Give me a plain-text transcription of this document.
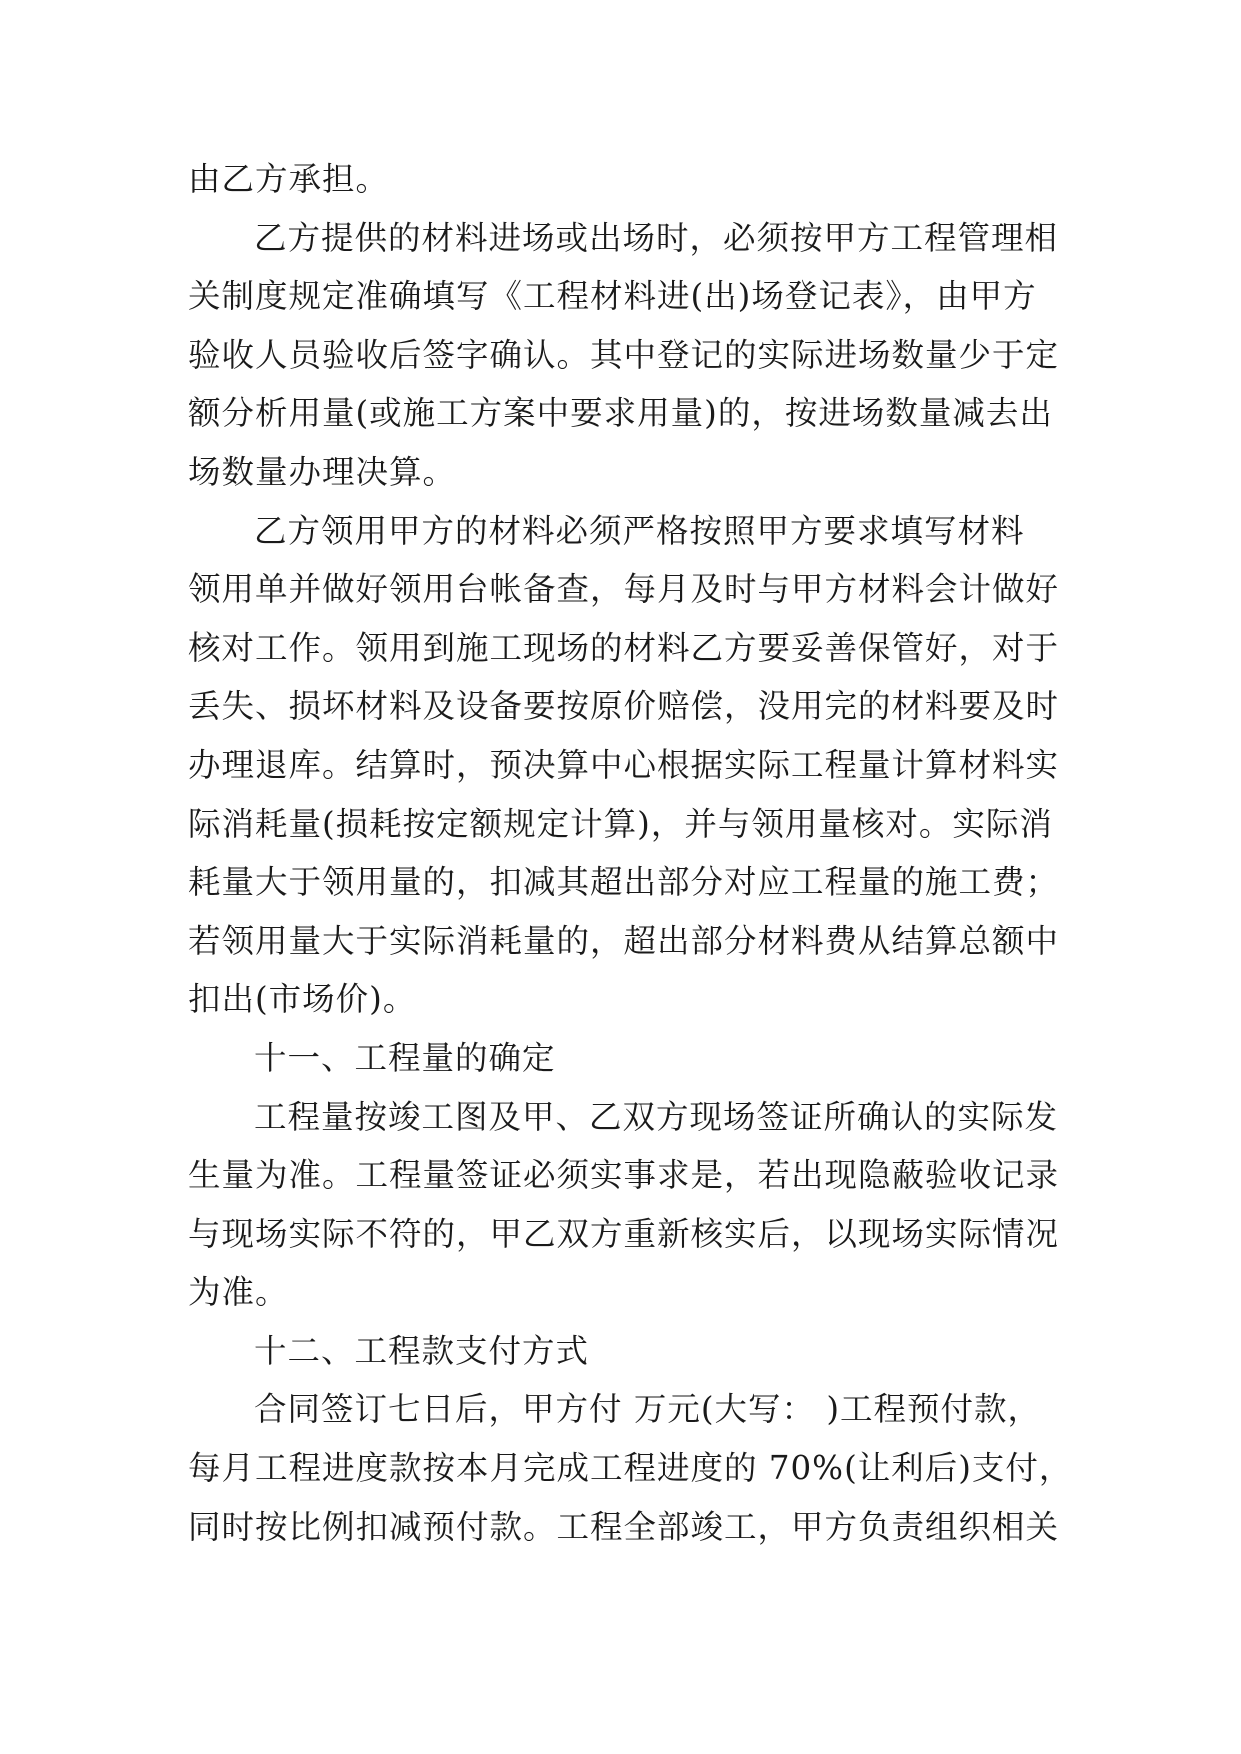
由乙方承担。
乙方提供的材料进场或出场时，必须按甲方工程管理相
关制度规定准确填写《工程材料进(出)场登记表》，由甲方
验收人员验收后签字确认。其中登记的实际进场数量少于定
额分析用量(或施工方案中要求用量)的，按进场数量减去出
场数量办理决算。
乙方领用甲方的材料必须严格按照甲方要求填写材料
领用单并做好领用台帐备查，每月及时与甲方材料会计做好
核对工作。领用到施工现场的材料乙方要妥善保管好，对于
丢失、损坏材料及设备要按原价赔偿，没用完的材料要及时
办理退库。结算时，预决算中心根据实际工程量计算材料实
际消耗量(损耗按定额规定计算)，并与领用量核对。实际消
耗量大于领用量的，扣减其超出部分对应工程量的施工费；
若领用量大于实际消耗量的，超出部分材料费从结算总额中
扣出(市场价)。
十一、工程量的确定
工程量按竣工图及甲、乙双方现场签证所确认的实际发
生量为准。工程量签证必须实事求是，若出现隐蔽验收记录
与现场实际不符的，甲乙双方重新核实后，以现场实际情况
为准。
十二、工程款支付方式
合同签订七日后，甲方付 万元(大写： )工程预付款，
每月工程进度款按本月完成工程进度的 70%(让利后)支付，
同时按比例扣减预付款。工程全部竣工，甲方负责组织相关
